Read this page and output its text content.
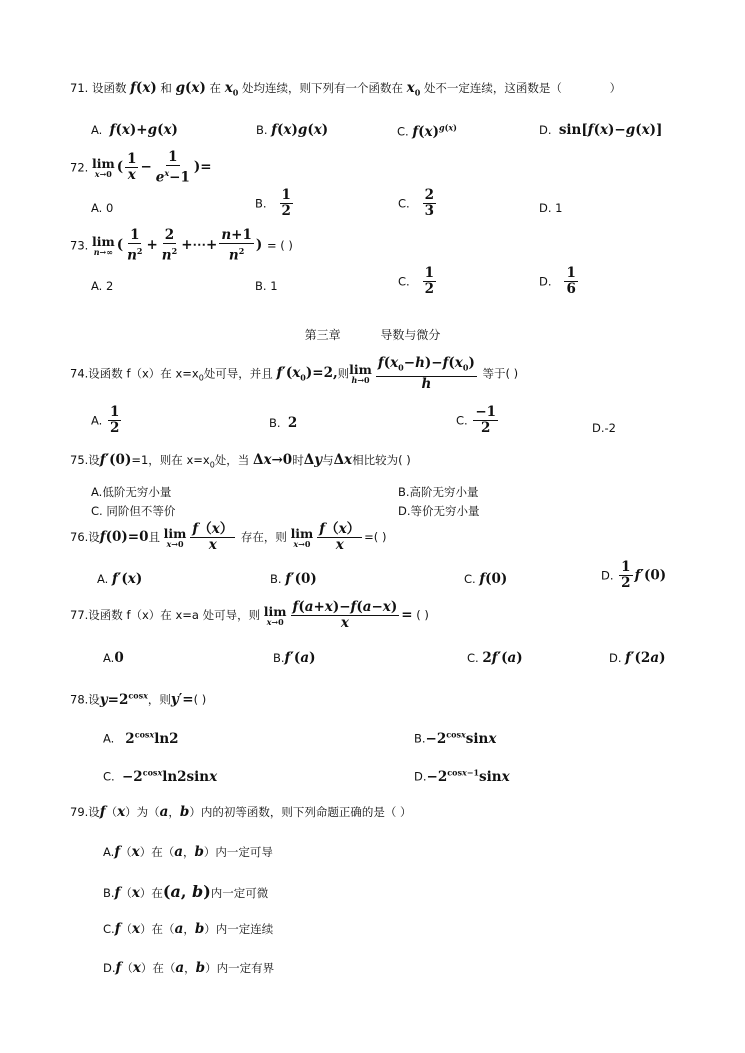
71. 设函数 f(x) 和 g(x) 在 $x_0$ 处均连续，则下列有一个函数在 $x_0$ 处不一定连续，这函数是（	）
A. f(x)+g(x)	B. f(x)g(x)	C. $f(x)^{g(x)}$	D. sin[f(x)−g(x)]
72. lim
x→0 ( $\frac{1}{x} - \frac{1}{e^x-1}$ )=
A. 0	B. $\frac{1}{2}$	C. $\frac{2}{3}$	D. 1
73. lim
n→∞ ( $\frac{1}{n^2} + \frac{2}{n^2}$ +⋯+ $\frac{n+1}{n^2}$ ) = ( )
A. 2	B. 1	C. $\frac{1}{2}$	D. $\frac{1}{6}$
第三章	导数与微分
74.设函数 f（x）在 $x=x_0$处可导，并且 $f'(x_0)=2$,则 lim
$h\to 0 \frac{f(x_0-h)-f(x_0)}{h}$ 等于( )
A. $\frac{1}{2}$	B. 2	C. $\frac{-1}{2}$	D.-2
75.设f′(0)=1，则在 $x=x_0$处，当 Δx→0时Δy与Δx相比较为( )
A.低阶无穷小量	B.高阶无穷小量
C. 同阶但不等价	D.等价无穷小量
76.设f(0)=0且 lim
$x\to 0 \frac{f(x)}{x}$ 存在，则 lim
$x\to 0 \frac{f(x)}{x}$ =( )
A. f′(x)	B. f′(0)	C. f(0)	D. $\frac{1}{2} f'(0)$
77.设函数 f（x）在 x=a 处可导，则 lim
$x\to 0 \frac{f(a+x)-f(a-x)}{x}$ = ( )
A.0	B.f′(a)	C. 2f′(a)	D. f′(2a)
78.设$y=2^{cosx}$，则y′=( )
A. $2^{cosx}\ln 2$	$B.-2^{cosx}\sin x$
C. $-2^{cosx}\ln 2\sin x$	$D.-2^{cosx-1}\sin x$
79.设f（x）为（a，b）内的初等函数，则下列命题正确的是（ ）
A.f（x）在（a，b）内一定可导
B.f（x）在(a, b)内一定可微
C.f（x）在（a，b）内一定连续
D.f（x）在（a，b）内一定有界
